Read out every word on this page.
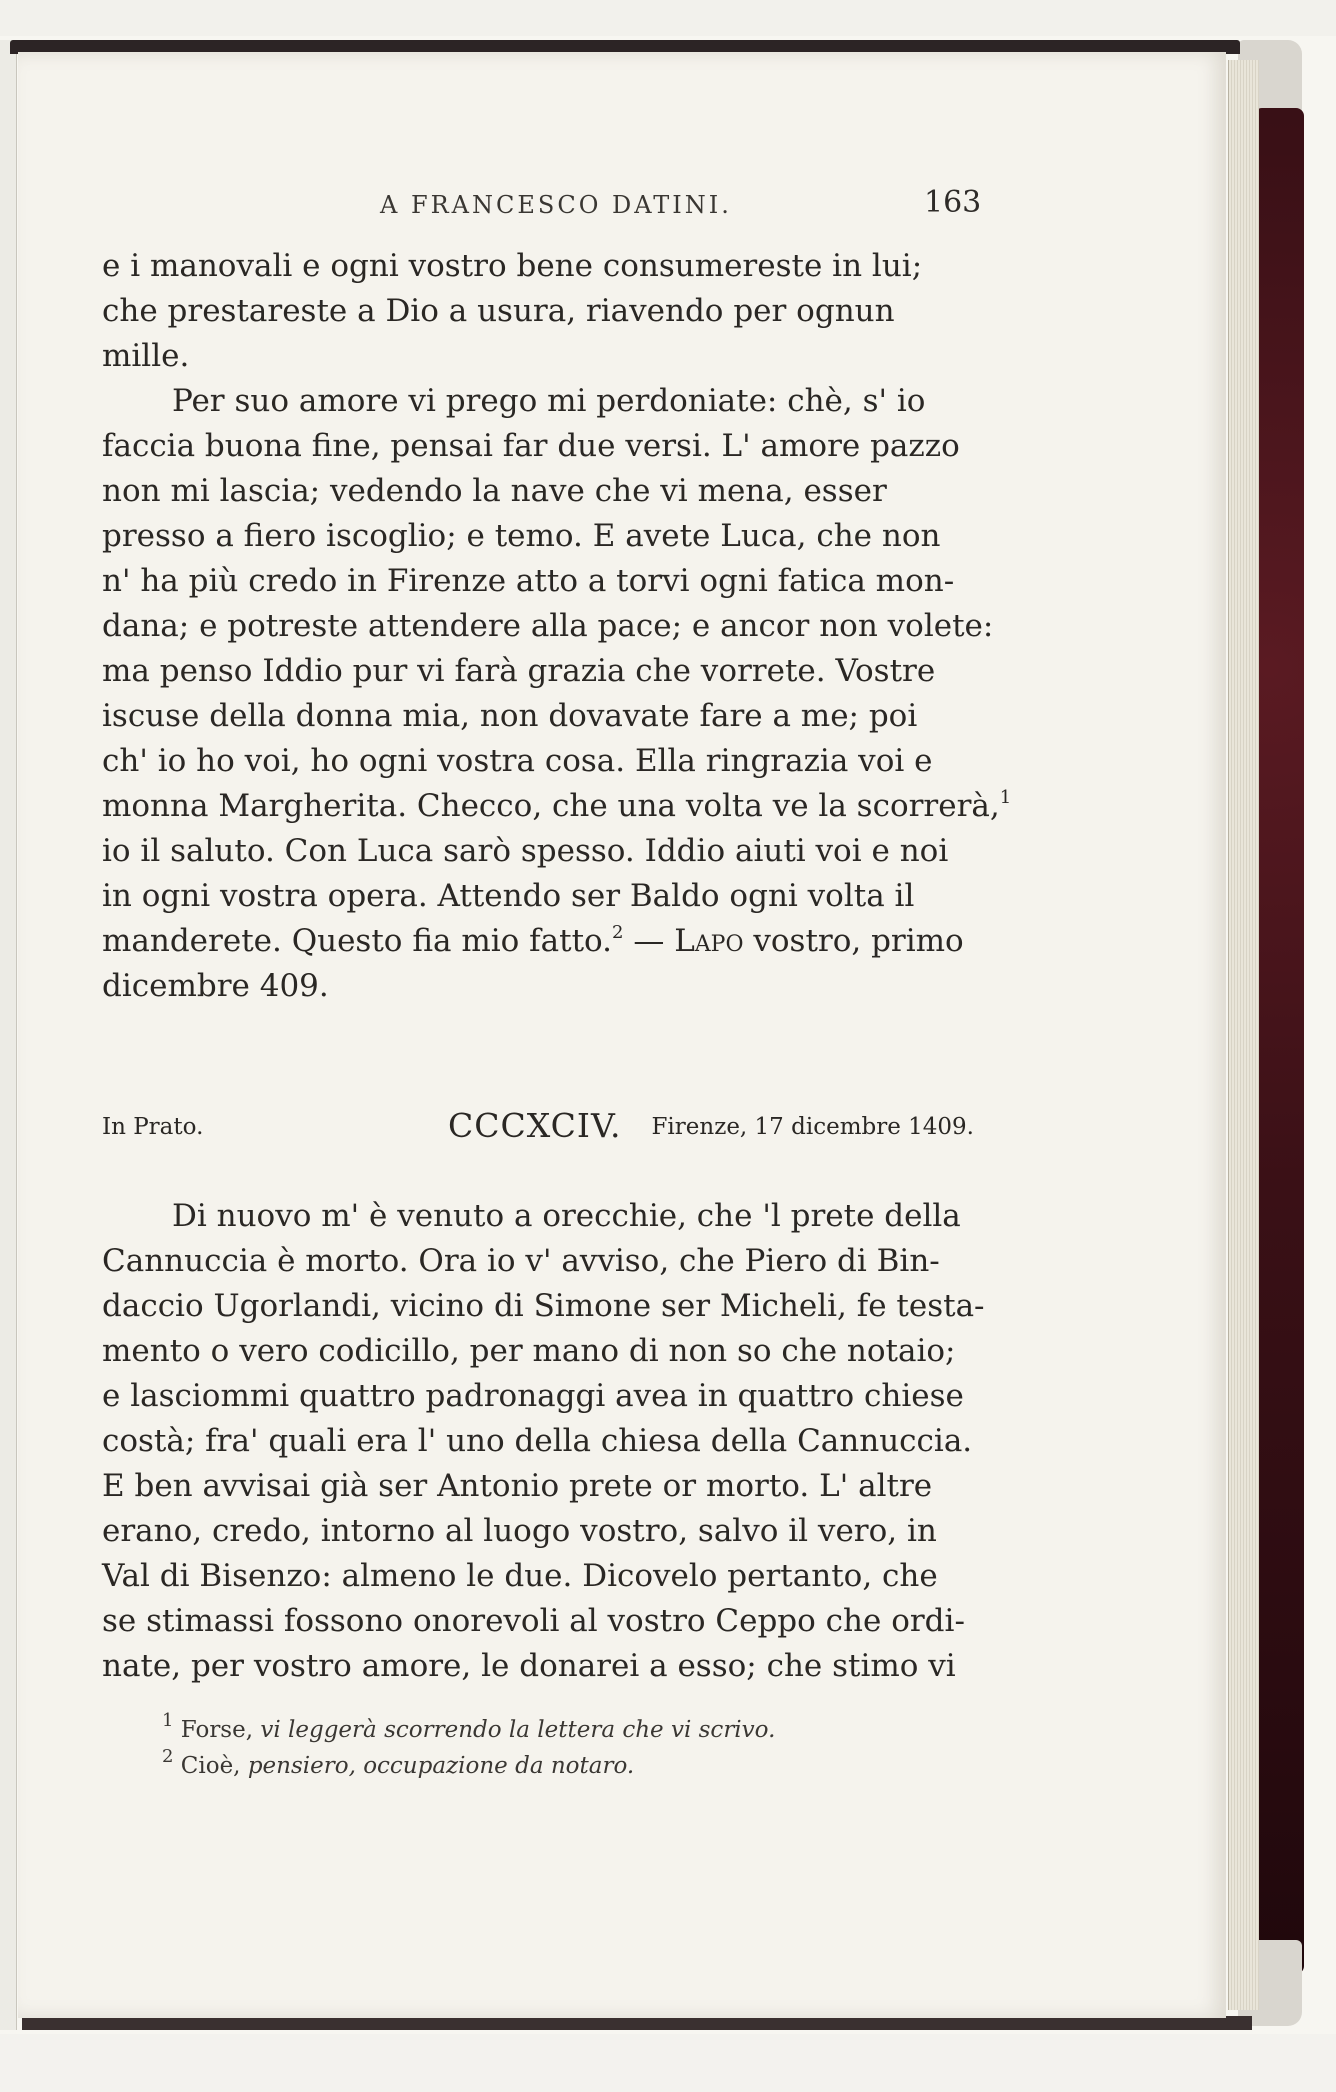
A FRANCESCO DATINI.	163
e i manovali e ogni vostro bene consumereste in lui;
che prestareste a Dio a usura, riavendo per ognun
mille.
Per suo amore vi prego mi perdoniate: chè, s' io
faccia buona fine, pensai far due versi. L' amore pazzo
non mi lascia; vedendo la nave che vi mena, esser
presso a fiero iscoglio; e temo. E avete Luca, che non
n' ha più credo in Firenze atto a torvi ogni fatica mon-
dana; e potreste attendere alla pace; e ancor non volete:
ma penso Iddio pur vi farà grazia che vorrete. Vostre
iscuse della donna mia, non dovavate fare a me; poi
ch' io ho voi, ho ogni vostra cosa. Ella ringrazia voi e
monna Margherita. Checco, che una volta ve la scorrerà,$^1$
io il saluto. Con Luca sarò spesso. Iddio aiuti voi e noi
in ogni vostra opera. Attendo ser Baldo ogni volta il
manderete. Questo fia mio fatto.$^2$ — Lapo vostro, primo
dicembre 409.
In Prato.	CCCXCIV. Firenze, 17 dicembre 1409.
Di nuovo m' è venuto a orecchie, che 'l prete della
Cannuccia è morto. Ora io v' avviso, che Piero di Bin-
daccio Ugorlandi, vicino di Simone ser Micheli, fe testa-
mento o vero codicillo, per mano di non so che notaio;
e lasciommi quattro padronaggi avea in quattro chiese
costà; fra' quali era l' uno della chiesa della Cannuccia.
E ben avvisai già ser Antonio prete or morto. L' altre
erano, credo, intorno al luogo vostro, salvo il vero, in
Val di Bisenzo: almeno le due. Dicovelo pertanto, che
se stimassi fossono onorevoli al vostro Ceppo che ordi-
nate, per vostro amore, le donarei a esso; che stimo vi
$^1$ Forse, vi leggerà scorrendo la lettera che vi scrivo.
$^2$ Cioè, pensiero, occupazione da notaro.
